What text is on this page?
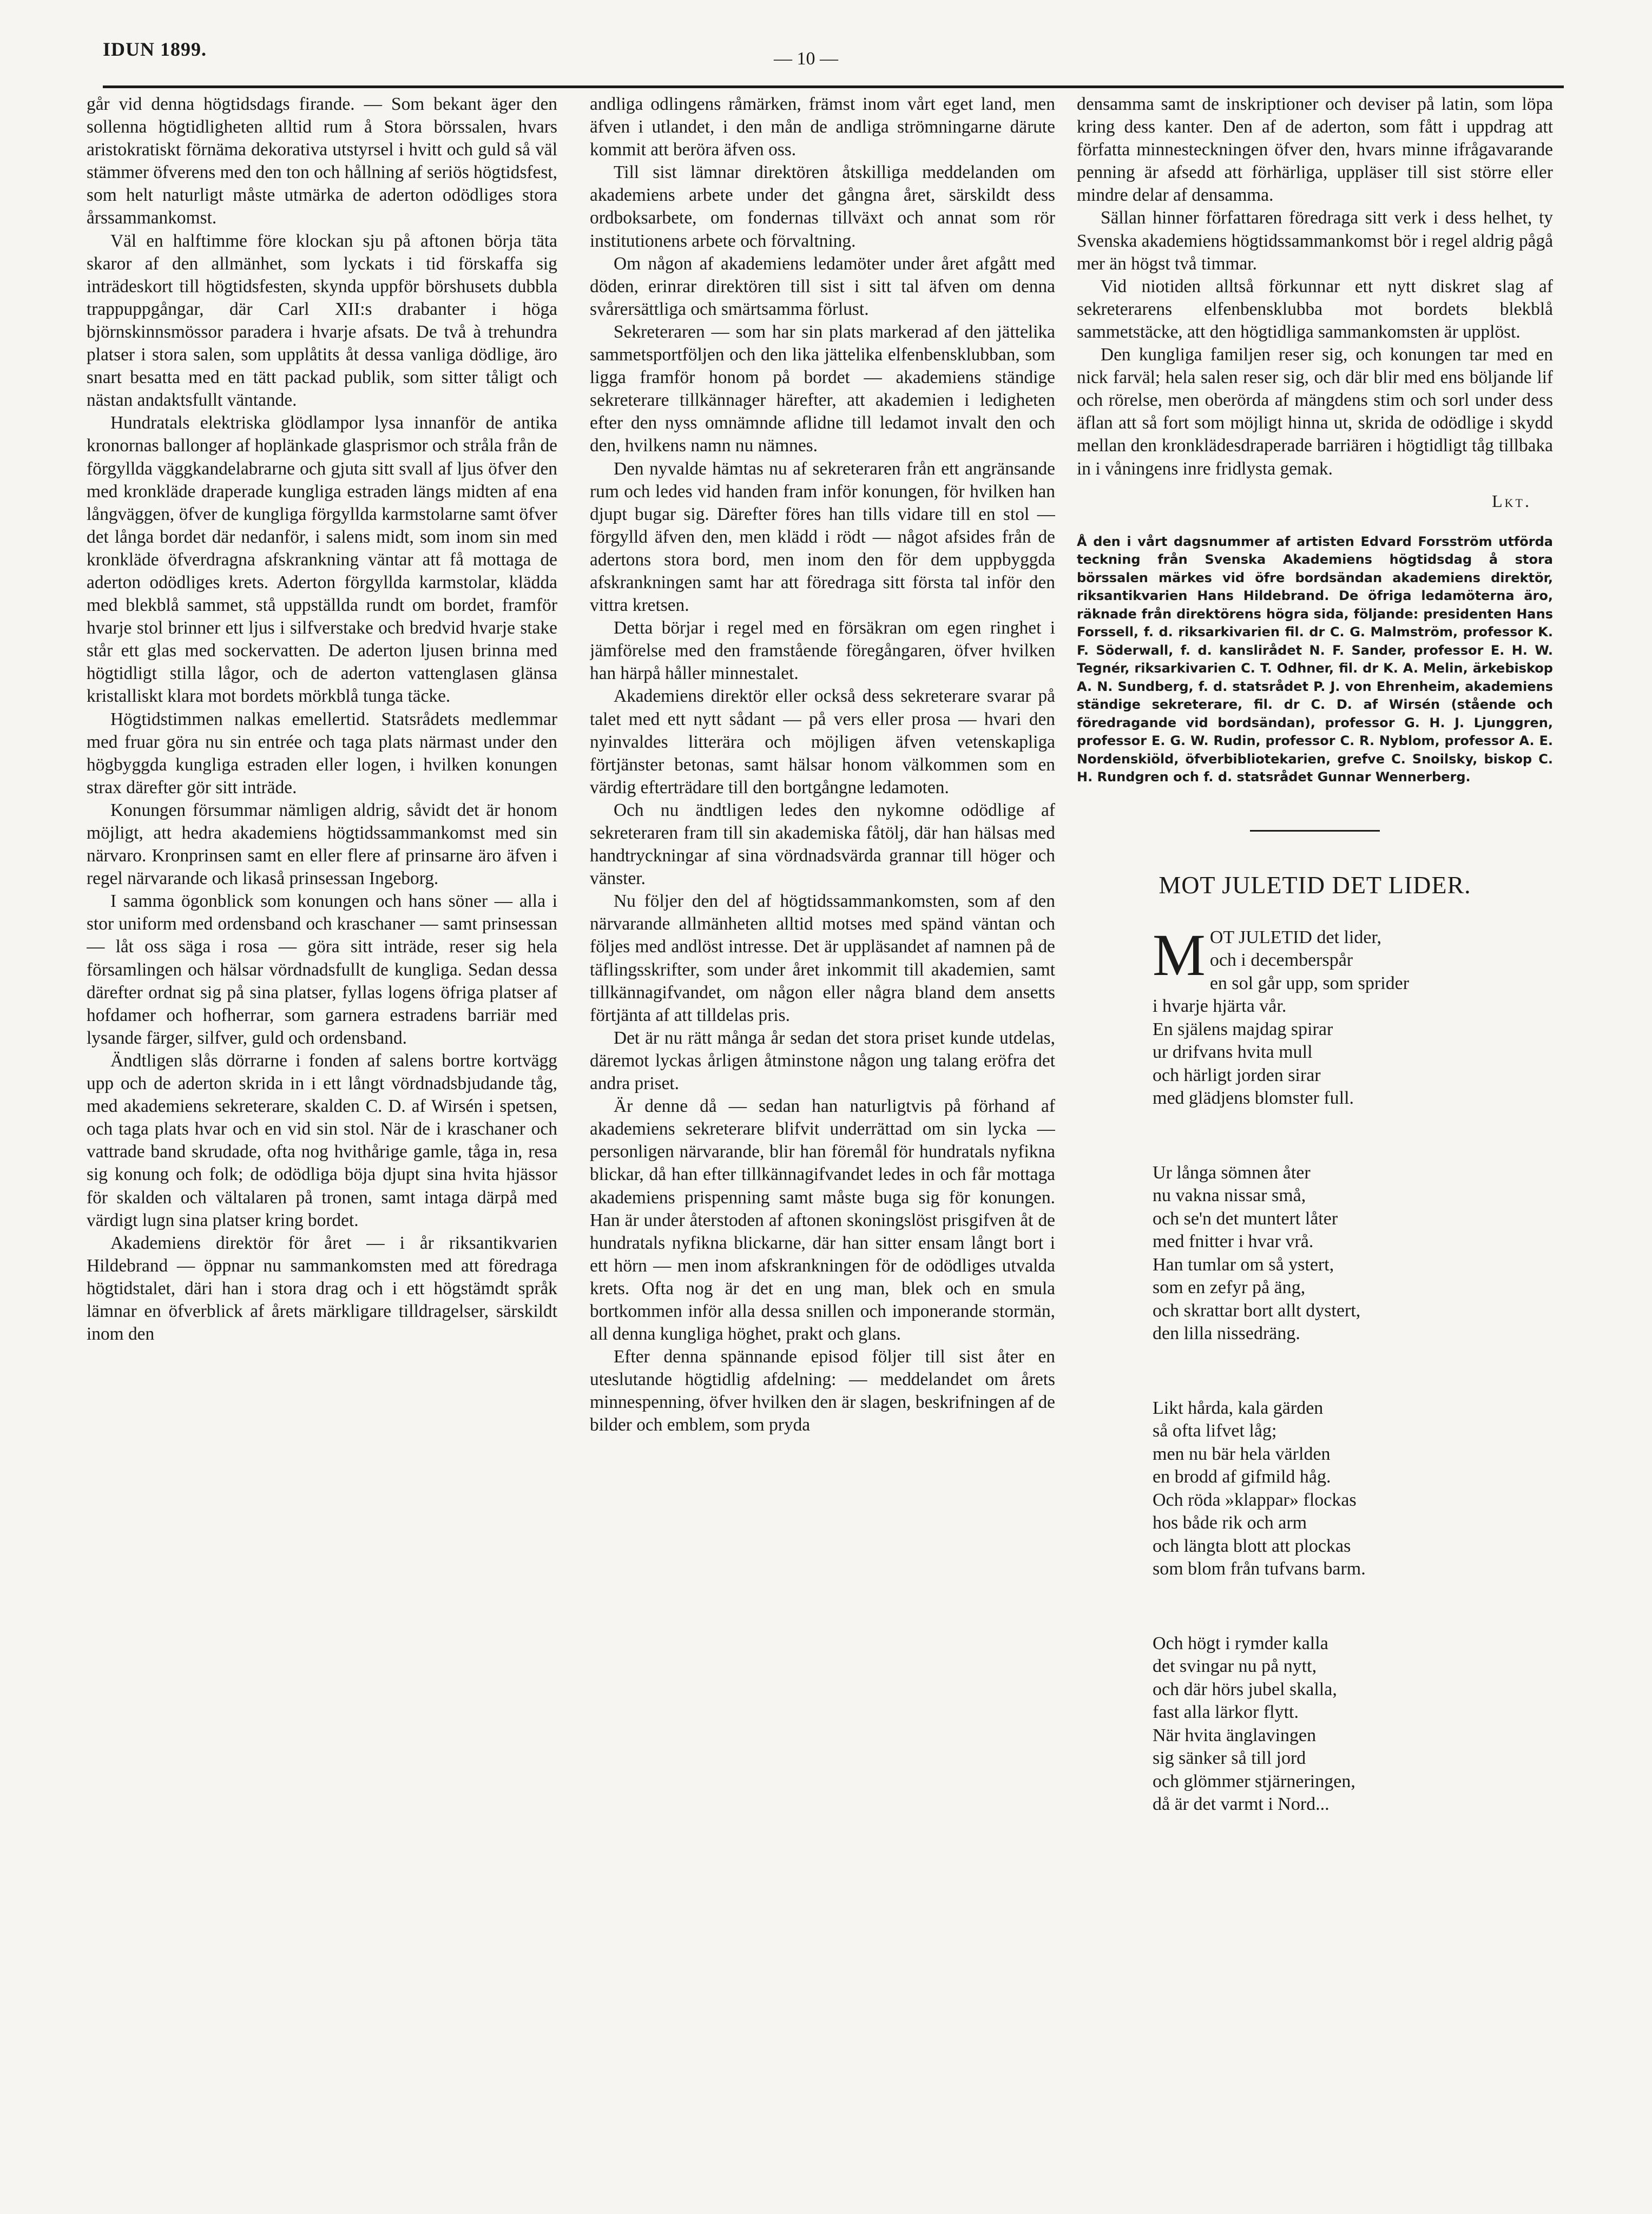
IDUN 1899.	— 10 —

går vid denna högtidsdags firande. — Som bekant äger den sollenna högtidligheten alltid rum å Stora börssalen, hvars aristokratiskt förnäma dekorativa utstyrsel i hvitt och guld så väl stämmer öfverens med den ton och hållning af seriös högtidsfest, som helt naturligt måste utmärka de aderton odödliges stora årssammankomst.

Väl en halftimme före klockan sju på aftonen börja täta skaror af den allmänhet, som lyckats i tid förskaffa sig inträdeskort till högtidsfesten, skynda uppför börshusets dubbla trappuppgångar, där Carl XII:s drabanter i höga björnskinnsmössor paradera i hvarje afsats. De två à trehundra platser i stora salen, som upplåtits åt dessa vanliga dödlige, äro snart besatta med en tätt packad publik, som sitter tåligt och nästan andaktsfullt väntande.

Hundratals elektriska glödlampor lysa innanför de antika kronornas ballonger af hoplänkade glasprismor och stråla från de förgyllda väggkandelabrarne och gjuta sitt svall af ljus öfver den med kronkläde draperade kungliga estraden längs midten af ena långväggen, öfver de kungliga förgyllda karmstolarne samt öfver det långa bordet där nedanför, i salens midt, som inom sin med kronkläde öfverdragna afskrankning väntar att få mottaga de aderton odödliges krets. Aderton förgyllda karmstolar, klädda med blekblå sammet, stå uppställda rundt om bordet, framför hvarje stol brinner ett ljus i silfverstake och bredvid hvarje stake står ett glas med sockervatten. De aderton ljusen brinna med högtidligt stilla lågor, och de aderton vattenglasen glänsa kristalliskt klara mot bordets mörkblå tunga täcke.

Högtidstimmen nalkas emellertid. Statsrådets medlemmar med fruar göra nu sin entrée och taga plats närmast under den högbyggda kungliga estraden eller logen, i hvilken konungen strax därefter gör sitt inträde.

Konungen försummar nämligen aldrig, såvidt det är honom möjligt, att hedra akademiens högtidssammankomst med sin närvaro. Kronprinsen samt en eller flere af prinsarne äro äfven i regel närvarande och likaså prinsessan Ingeborg.

I samma ögonblick som konungen och hans söner — alla i stor uniform med ordensband och kraschaner — samt prinsessan — låt oss säga i rosa — göra sitt inträde, reser sig hela församlingen och hälsar vördnadsfullt de kungliga. Sedan dessa därefter ordnat sig på sina platser, fyllas logens öfriga platser af hofdamer och hofherrar, som garnera estradens barriär med lysande färger, silfver, guld och ordensband.

Ändtligen slås dörrarne i fonden af salens bortre kortvägg upp och de aderton skrida in i ett långt vördnadsbjudande tåg, med akademiens sekreterare, skalden C. D. af Wirsén i spetsen, och taga plats hvar och en vid sin stol. När de i kraschaner och vattrade band skrudade, ofta nog hvithårige gamle, tåga in, resa sig konung och folk; de odödliga böja djupt sina hvita hjässor för skalden och vältalaren på tronen, samt intaga därpå med värdigt lugn sina platser kring bordet.

Akademiens direktör för året — i år riksantikvarien Hildebrand — öppnar nu sammankomsten med att föredraga högtidstalet, däri han i stora drag och i ett högstämdt språk lämnar en öfverblick af årets märkligare tilldragelser, särskildt inom den

andliga odlingens råmärken, främst inom vårt eget land, men äfven i utlandet, i den mån de andliga strömningarne därute kommit att beröra äfven oss.

Till sist lämnar direktören åtskilliga meddelanden om akademiens arbete under det gångna året, särskildt dess ordboksarbete, om fondernas tillväxt och annat som rör institutionens arbete och förvaltning.

Om någon af akademiens ledamöter under året afgått med döden, erinrar direktören till sist i sitt tal äfven om denna svårersättliga och smärtsamma förlust.

Sekreteraren — som har sin plats markerad af den jättelika sammetsportföljen och den lika jättelika elfenbensklubban, som ligga framför honom på bordet — akademiens ständige sekreterare tillkännager härefter, att akademien i ledigheten efter den nyss omnämnde aflidne till ledamot invalt den och den, hvilkens namn nu nämnes.

Den nyvalde hämtas nu af sekreteraren från ett angränsande rum och ledes vid handen fram inför konungen, för hvilken han djupt bugar sig. Därefter föres han tills vidare till en stol — förgylld äfven den, men klädd i rödt — något afsides från de adertons stora bord, men inom den för dem uppbyggda afskrankningen samt har att föredraga sitt första tal inför den vittra kretsen.

Detta börjar i regel med en försäkran om egen ringhet i jämförelse med den framstående föregångaren, öfver hvilken han härpå håller minnestalet.

Akademiens direktör eller också dess sekreterare svarar på talet med ett nytt sådant — på vers eller prosa — hvari den nyinvaldes litterära och möjligen äfven vetenskapliga förtjänster betonas, samt hälsar honom välkommen som en värdig efterträdare till den bortgångne ledamoten.

Och nu ändtligen ledes den nykomne odödlige af sekreteraren fram till sin akademiska fåtölj, där han hälsas med handtryckningar af sina vördnadsvärda grannar till höger och vänster.

Nu följer den del af högtidssammankomsten, som af den närvarande allmänheten alltid motses med spänd väntan och följes med andlöst intresse. Det är uppläsandet af namnen på de täflingsskrifter, som under året inkommit till akademien, samt tillkännagifvandet, om någon eller några bland dem ansetts förtjänta af att tilldelas pris.

Det är nu rätt många år sedan det stora priset kunde utdelas, däremot lyckas årligen åtminstone någon ung talang eröfra det andra priset.

Är denne då — sedan han naturligtvis på förhand af akademiens sekreterare blifvit underrättad om sin lycka — personligen närvarande, blir han föremål för hundratals nyfikna blickar, då han efter tillkännagifvandet ledes in och får mottaga akademiens prispenning samt måste buga sig för konungen. Han är under återstoden af aftonen skoningslöst prisgifven åt de hundratals nyfikna blickarne, där han sitter ensam långt bort i ett hörn — men inom afskrankningen för de odödliges utvalda krets. Ofta nog är det en ung man, blek och en smula bortkommen inför alla dessa snillen och imponerande stormän, all denna kungliga höghet, prakt och glans.

Efter denna spännande episod följer till sist åter en uteslutande högtidlig afdelning: — meddelandet om årets minnespenning, öfver hvilken den är slagen, beskrifningen af de bilder och emblem, som pryda

densamma samt de inskriptioner och deviser på latin, som löpa kring dess kanter. Den af de aderton, som fått i uppdrag att författa minnesteckningen öfver den, hvars minne ifrågavarande penning är afsedd att förhärliga, uppläser till sist större eller mindre delar af densamma.

Sällan hinner författaren föredraga sitt verk i dess helhet, ty Svenska akademiens högtidssammankomst bör i regel aldrig pågå mer än högst två timmar.

Vid niotiden alltså förkunnar ett nytt diskret slag af sekreterarens elfenbensklubba mot bordets blekblå sammetstäcke, att den högtidliga sammankomsten är upplöst.

Den kungliga familjen reser sig, och konungen tar med en nick farväl; hela salen reser sig, och där blir med ens böljande lif och rörelse, men oberörda af mängdens stim och sorl under dess äflan att så fort som möjligt hinna ut, skrida de odödlige i skydd mellan den kronklädesdraperade barriären i högtidligt tåg tillbaka in i våningens inre fridlysta gemak.

Lkt.
Å den i vårt dagsnummer af artisten Edvard Forsström utförda teckning från Svenska Akademiens högtidsdag å stora börssalen märkes vid öfre bordsändan akademiens direktör, riksantikvarien Hans Hildebrand. De öfriga ledamöterna äro, räknade från direktörens högra sida, följande: presidenten Hans Forssell, f. d. riksarkivarien fil. dr C. G. Malmström, professor K. F. Söderwall, f. d. kanslirådet N. F. Sander, professor E. H. W. Tegnér, riksarkivarien C. T. Odhner, fil. dr K. A. Melin, ärkebiskop A. N. Sundberg, f. d. statsrådet P. J. von Ehrenheim, akademiens ständige sekreterare, fil. dr C. D. af Wirsén (stående och föredragande vid bordsändan), professor G. H. J. Ljunggren, professor E. G. W. Rudin, professor C. R. Nyblom, professor A. E. Nordenskiöld, öfverbibliotekarien, grefve C. Snoilsky, biskop C. H. Rundgren och f. d. statsrådet Gunnar Wennerberg.
MOT JULETID DET LIDER.
M OT JULETID det lider,
och i decemberspår
en sol går upp, som sprider
i hvarje hjärta vår.
En själens majdag spirar
ur drifvans hvita mull
och härligt jorden sirar
med glädjens blomster full.
Ur långa sömnen åter
nu vakna nissar små,
och se'n det muntert låter
med fnitter i hvar vrå.
Han tumlar om så ystert,
som en zefyr på äng,
och skrattar bort allt dystert,
den lilla nissedräng.
Likt hårda, kala gärden
så ofta lifvet låg;
men nu bär hela världen
en brodd af gifmild håg.
Och röda »klappar» flockas
hos både rik och arm
och längta blott att plockas
som blom från tufvans barm.
Och högt i rymder kalla
det svingar nu på nytt,
och där hörs jubel skalla,
fast alla lärkor flytt.
När hvita änglavingen
sig sänker så till jord
och glömmer stjärneringen,
då är det varmt i Nord...
